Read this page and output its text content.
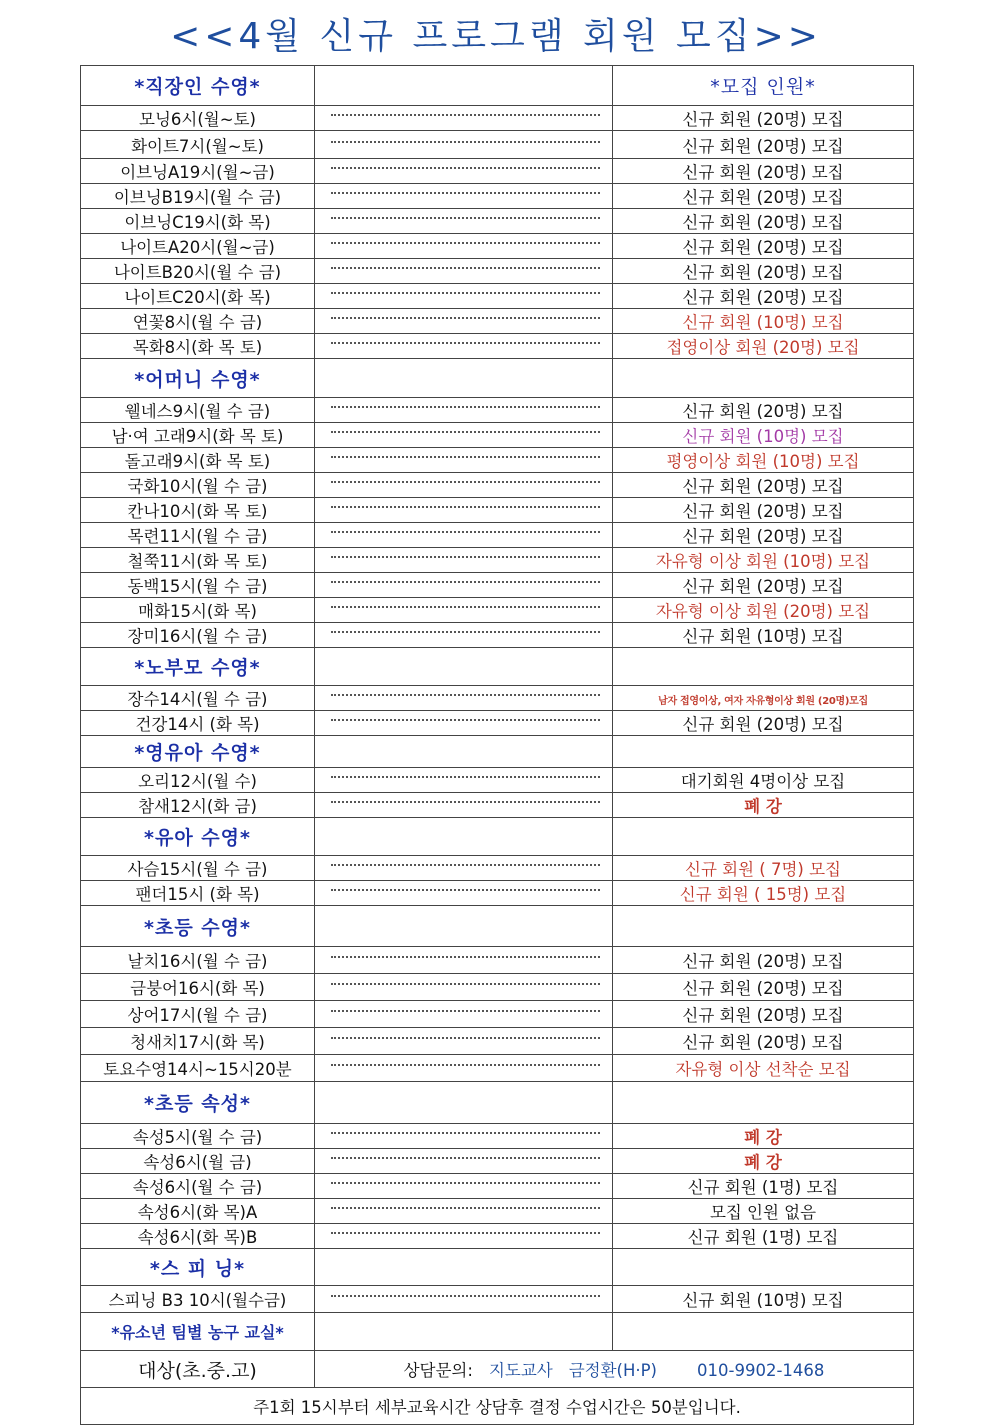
<<4월 신규 프로그램 회원 모집>>
*직장인 수영*		*모집 인원*
모닝6시(월~토)		신규 회원 (20명) 모집
화이트7시(월~토)		신규 회원 (20명) 모집
이브닝A19시(월~금)		신규 회원 (20명) 모집
이브닝B19시(월 수 금)		신규 회원 (20명) 모집
이브닝C19시(화 목)		신규 회원 (20명) 모집
나이트A20시(월~금)		신규 회원 (20명) 모집
나이트B20시(월 수 금)		신규 회원 (20명) 모집
나이트C20시(화 목)		신규 회원 (20명) 모집
연꽃8시(월 수 금)		신규 회원 (10명) 모집
목화8시(화 목 토)		접영이상 회원 (20명) 모집
*어머니 수영*		
웰네스9시(월 수 금)		신규 회원 (20명) 모집
남·여 고래9시(화 목 토)		신규 회원 (10명) 모집
돌고래9시(화 목 토)		평영이상 회원 (10명) 모집
국화10시(월 수 금)		신규 회원 (20명) 모집
칸나10시(화 목 토)		신규 회원 (20명) 모집
목련11시(월 수 금)		신규 회원 (20명) 모집
철쭉11시(화 목 토)		자유형 이상 회원 (10명) 모집
동백15시(월 수 금)		신규 회원 (20명) 모집
매화15시(화 목)		자유형 이상 회원 (20명) 모집
장미16시(월 수 금)		신규 회원 (10명) 모집
*노부모 수영*		
장수14시(월 수 금)		남자 접영이상, 여자 자유형이상 회원 (20명)모집
건강14시 (화 목)		신규 회원 (20명) 모집
*영유아 수영*		
오리12시(월 수)		대기회원 4명이상 모집
참새12시(화 금)		폐 강
*유아 수영*		
사슴15시(월 수 금)		신규 회원 ( 7명) 모집
팬더15시 (화 목)		신규 회원 ( 15명) 모집
*초등 수영*		
날치16시(월 수 금)		신규 회원 (20명) 모집
금붕어16시(화 목)		신규 회원 (20명) 모집
상어17시(월 수 금)		신규 회원 (20명) 모집
청새치17시(화 목)		신규 회원 (20명) 모집
토요수영14시~15시20분		자유형 이상 선착순 모집
*초등 속성*		
속성5시(월 수 금)		폐 강
속성6시(월 금)		폐 강
속성6시(월 수 금)		신규 회원 (1명) 모집
속성6시(화 목)A		모집 인원 없음
속성6시(화 목)B		신규 회원 (1명) 모집
*스 피 닝*		
스피닝 B3 10시(월수금)		신규 회원 (10명) 모집
*유소년 팀별 농구 교실*		
대상(초.중.고)	상담문의: 지도교사 금정환(H·P) 010-9902-1468	
주1회 15시부터 세부교육시간 상담후 결정 수업시간은 50분입니다.		
